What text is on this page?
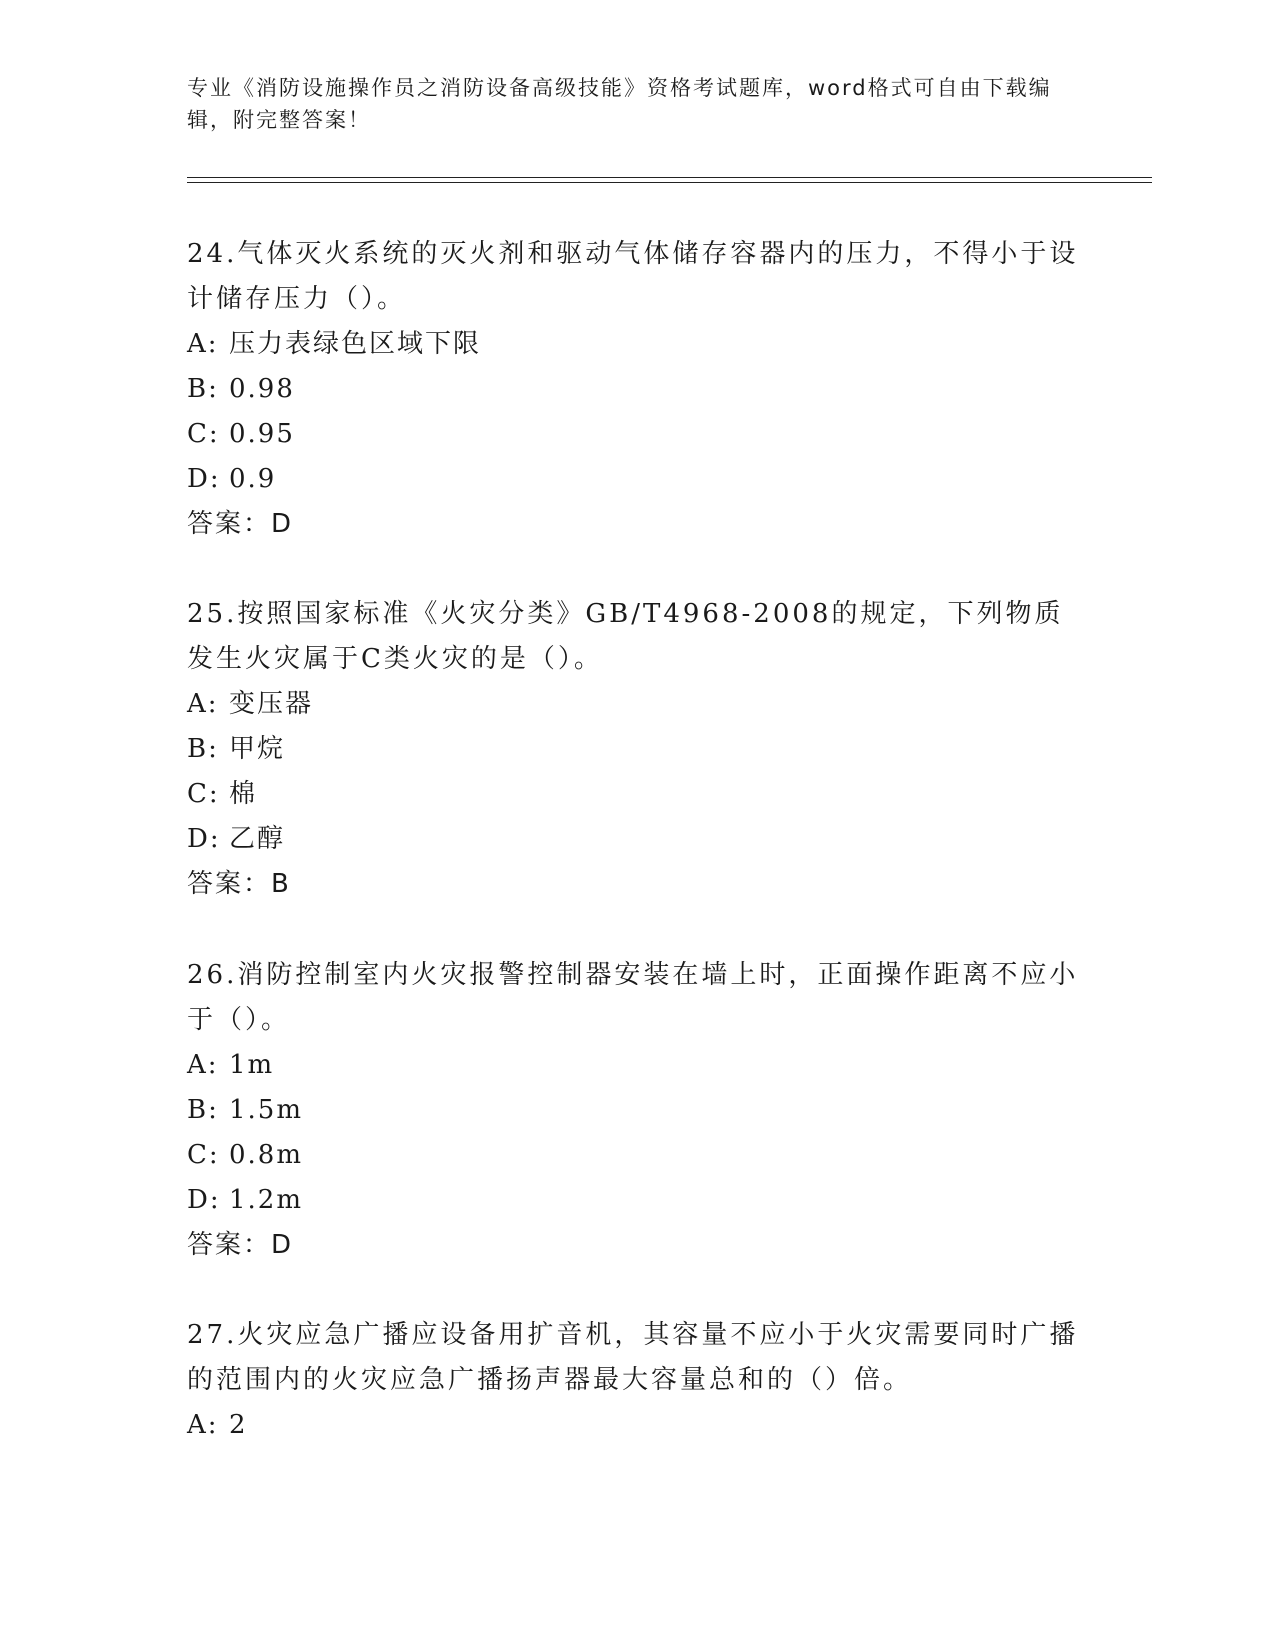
专业《消防设施操作员之消防设备高级技能》资格考试题库，word格式可自由下载编辑，附完整答案！

24.气体灭火系统的灭火剂和驱动气体储存容器内的压力，不得小于设计储存压力（）。

A: 压力表绿色区域下限

B: 0.98

C: 0.95

D: 0.9

答案：D

25.按照国家标准《火灾分类》GB/T4968-2008的规定，下列物质发生火灾属于C类火灾的是（）。

A: 变压器

B: 甲烷

C: 棉

D: 乙醇

答案：B

26.消防控制室内火灾报警控制器安装在墙上时，正面操作距离不应小于（）。

A: 1m

B: 1.5m

C: 0.8m

D: 1.2m

答案：D

27.火灾应急广播应设备用扩音机，其容量不应小于火灾需要同时广播的范围内的火灾应急广播扬声器最大容量总和的（）倍。

A: 2
